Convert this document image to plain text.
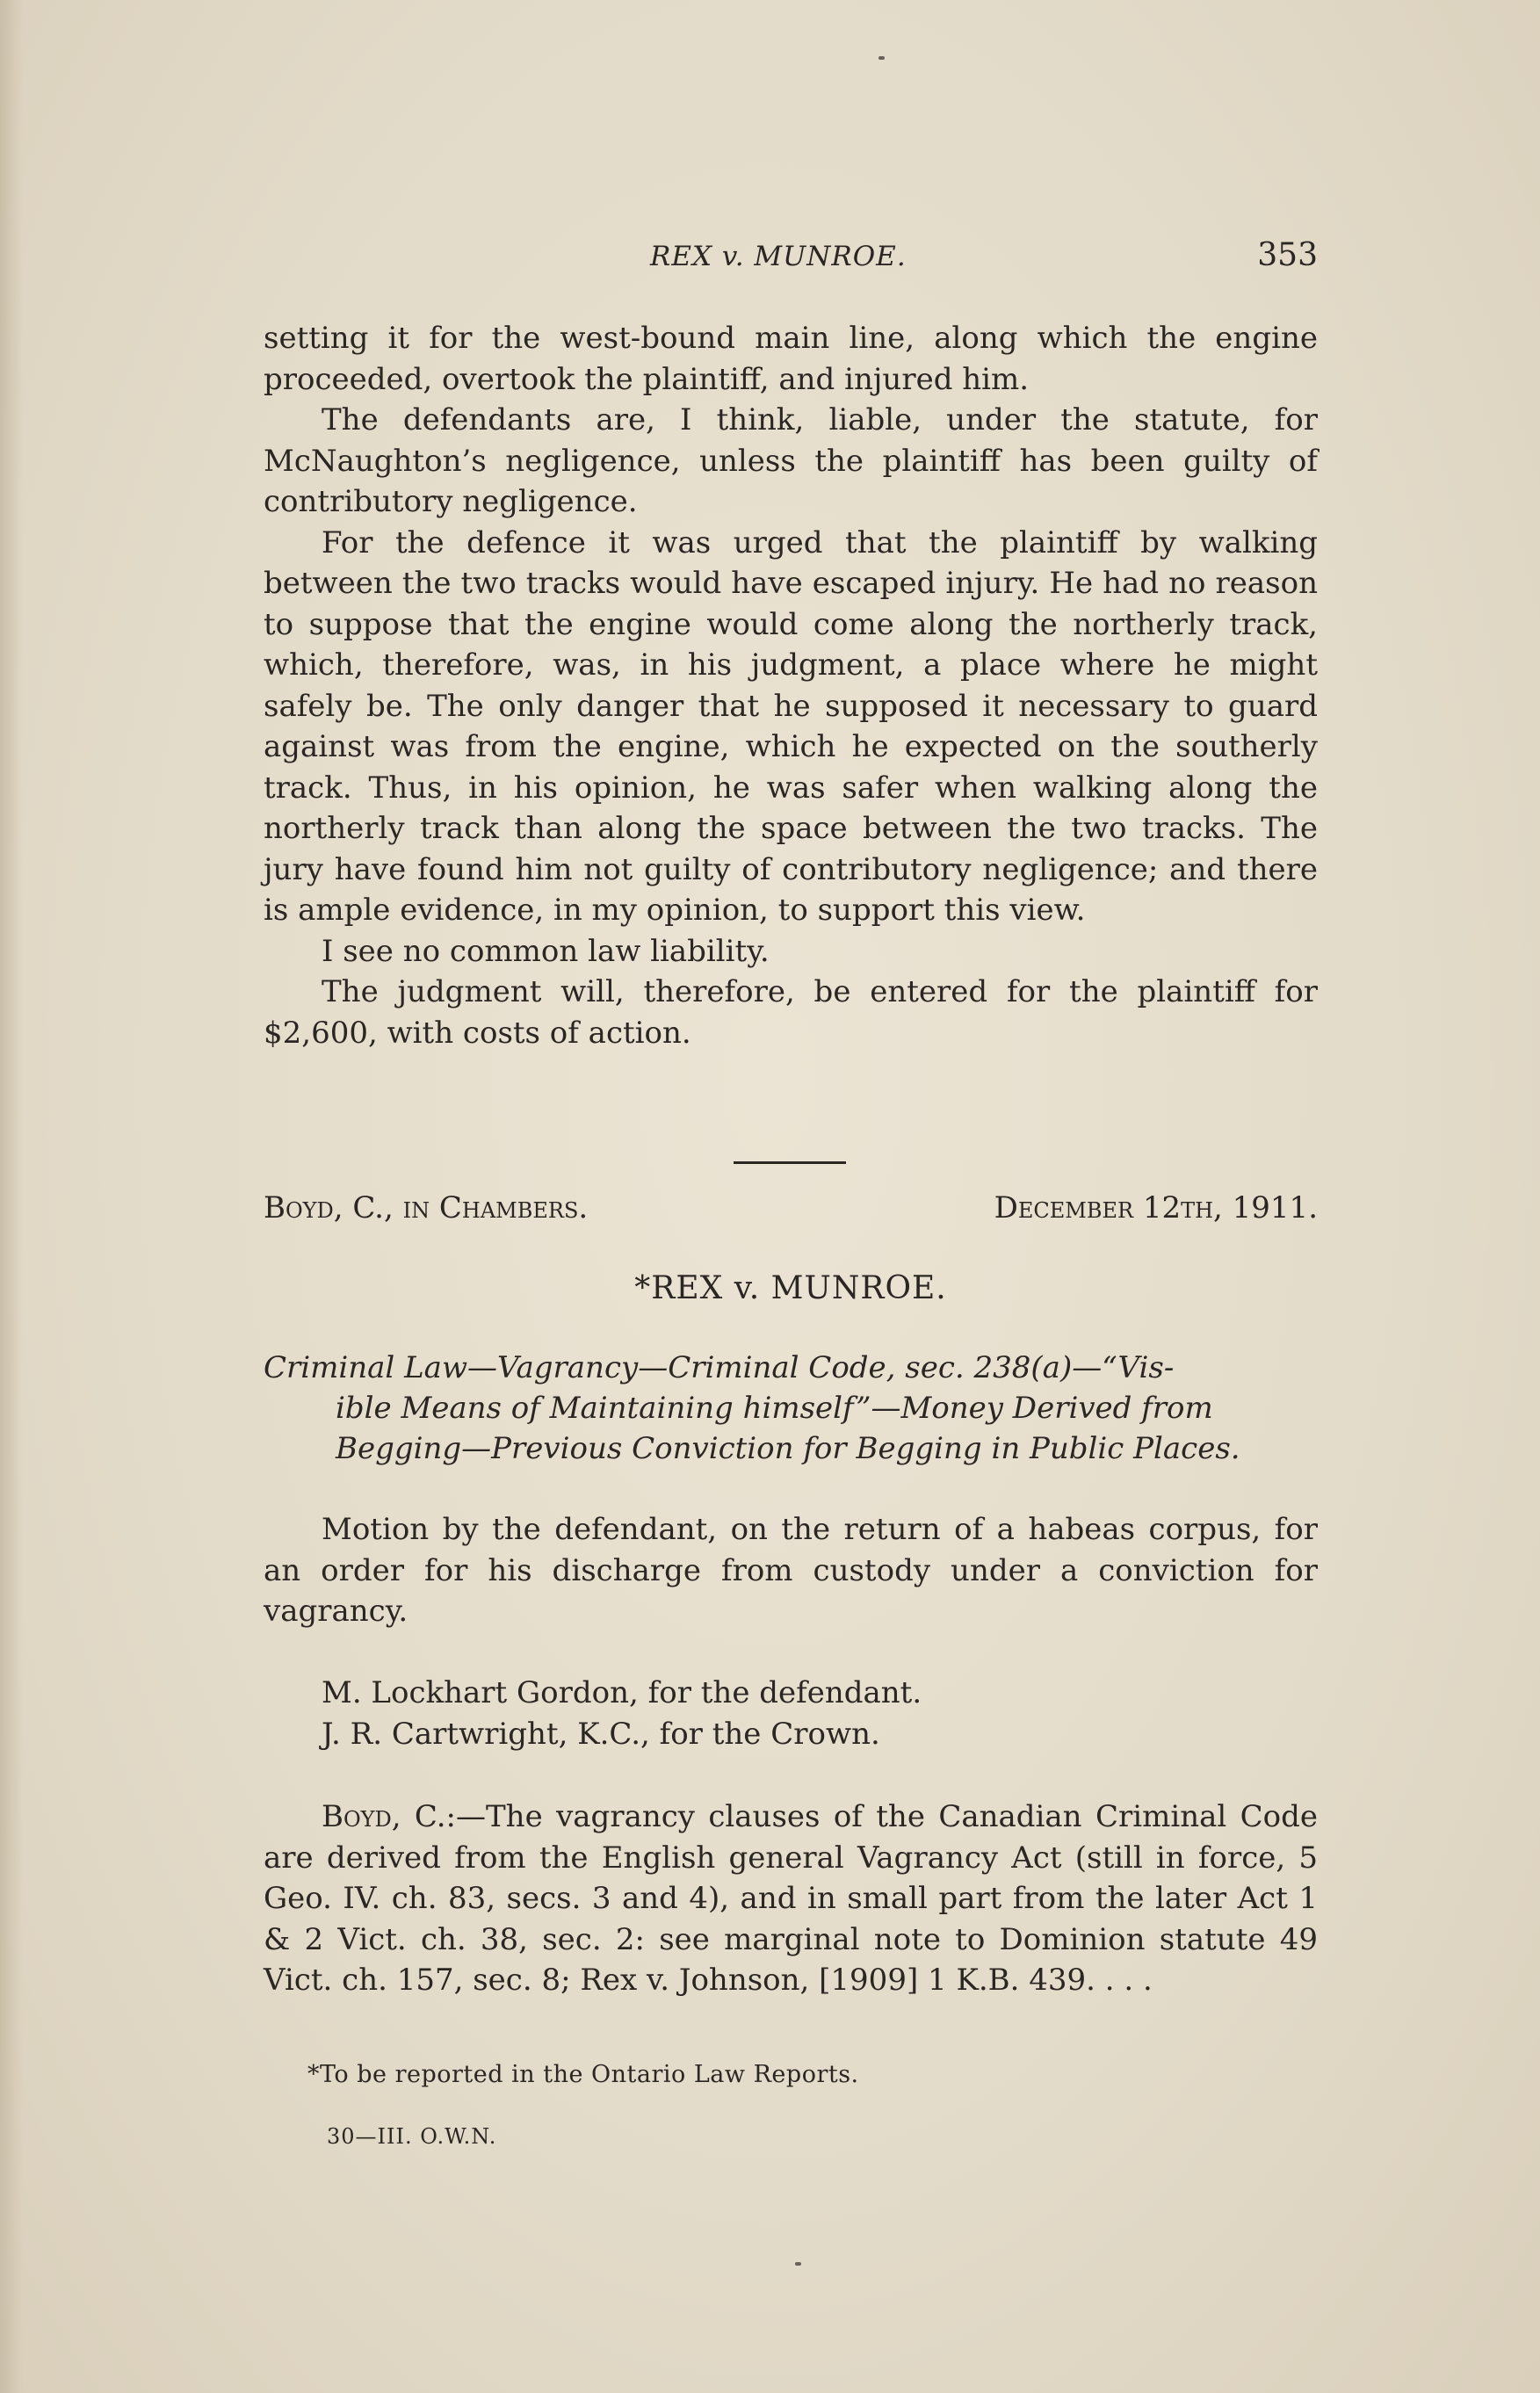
REX v. MUNROE.	353

setting it for the west-bound main line, along which the engine proceeded, overtook the plaintiff, and injured him.

The defendants are, I think, liable, under the statute, for McNaughton’s negligence, unless the plaintiff has been guilty of contributory negligence.

For the defence it was urged that the plaintiff by walking between the two tracks would have escaped injury. He had no reason to suppose that the engine would come along the northerly track, which, therefore, was, in his judgment, a place where he might safely be. The only danger that he supposed it necessary to guard against was from the engine, which he expected on the southerly track. Thus, in his opinion, he was safer when walking along the northerly track than along the space between the two tracks. The jury have found him not guilty of contributory negligence; and there is ample evidence, in my opinion, to support this view.

I see no common law liability.

The judgment will, therefore, be entered for the plaintiff for $2,600, with costs of action.

Boyd, C., in Chambers.	December 12th, 1911.
*REX v. MUNROE.
Criminal Law—Vagrancy—Criminal Code, sec. 238(a)—“Vis-
ible Means of Maintaining himself”—Money Derived from
Begging—Previous Conviction for Begging in Public Places.

Motion by the defendant, on the return of a habeas corpus, for an order for his discharge from custody under a conviction for vagrancy.

M. Lockhart Gordon, for the defendant.
J. R. Cartwright, K.C., for the Crown.

Boyd, C.:—The vagrancy clauses of the Canadian Criminal Code are derived from the English general Vagrancy Act (still in force, 5 Geo. IV. ch. 83, secs. 3 and 4), and in small part from the later Act 1 & 2 Vict. ch. 38, sec. 2: see marginal note to Dominion statute 49 Vict. ch. 157, sec. 8; Rex v. Johnson, [1909] 1 K.B. 439. . . .

*To be reported in the Ontario Law Reports.
30—III. O.W.N.
